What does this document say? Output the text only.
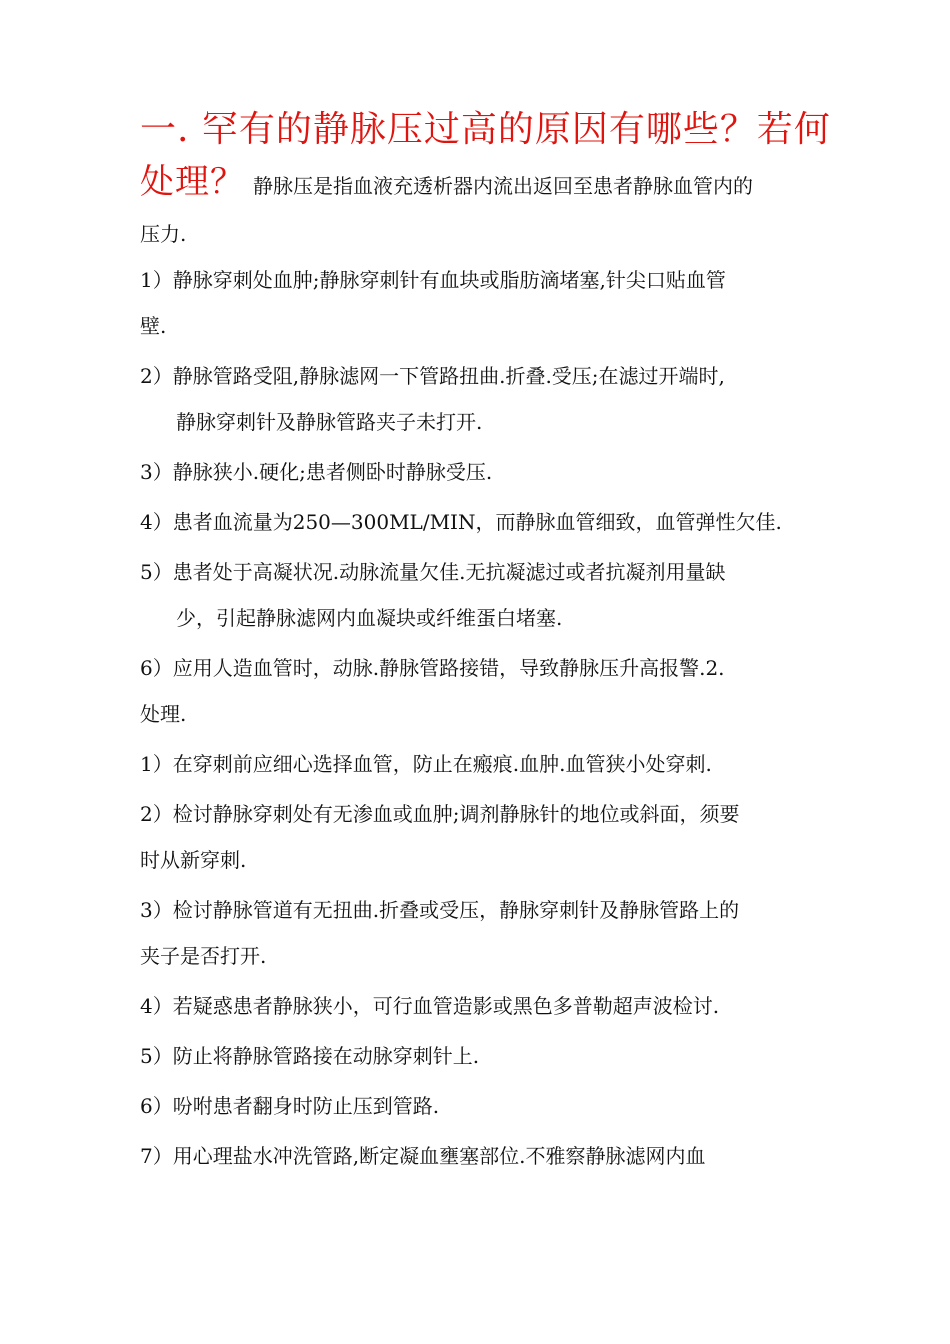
一. 罕有的静脉压过高的原因有哪些？若何
处理？ 静脉压是指血液充透析器内流出返回至患者静脉血管内的
压力.
1）静脉穿刺处血肿;静脉穿刺针有血块或脂肪滴堵塞,针尖口贴血管
壁.
2）静脉管路受阻,静脉滤网一下管路扭曲.折叠.受压;在滤过开端时,
静脉穿刺针及静脉管路夹子未打开.
3）静脉狭小.硬化;患者侧卧时静脉受压.
4）患者血流量为250—300ML/MIN，而静脉血管细致，血管弹性欠佳.
5）患者处于高凝状况.动脉流量欠佳.无抗凝滤过或者抗凝剂用量缺
少，引起静脉滤网内血凝块或纤维蛋白堵塞.
6）应用人造血管时，动脉.静脉管路接错，导致静脉压升高报警.2.
处理.
1）在穿刺前应细心选择血管，防止在瘢痕.血肿.血管狭小处穿刺.
2）检讨静脉穿刺处有无渗血或血肿;调剂静脉针的地位或斜面，须要
时从新穿刺.
3）检讨静脉管道有无扭曲.折叠或受压，静脉穿刺针及静脉管路上的
夹子是否打开.
4）若疑惑患者静脉狭小，可行血管造影或黑色多普勒超声波检讨.
5）防止将静脉管路接在动脉穿刺针上.
6）吩咐患者翻身时防止压到管路.
7）用心理盐水冲洗管路,断定凝血壅塞部位.不雅察静脉滤网内血
